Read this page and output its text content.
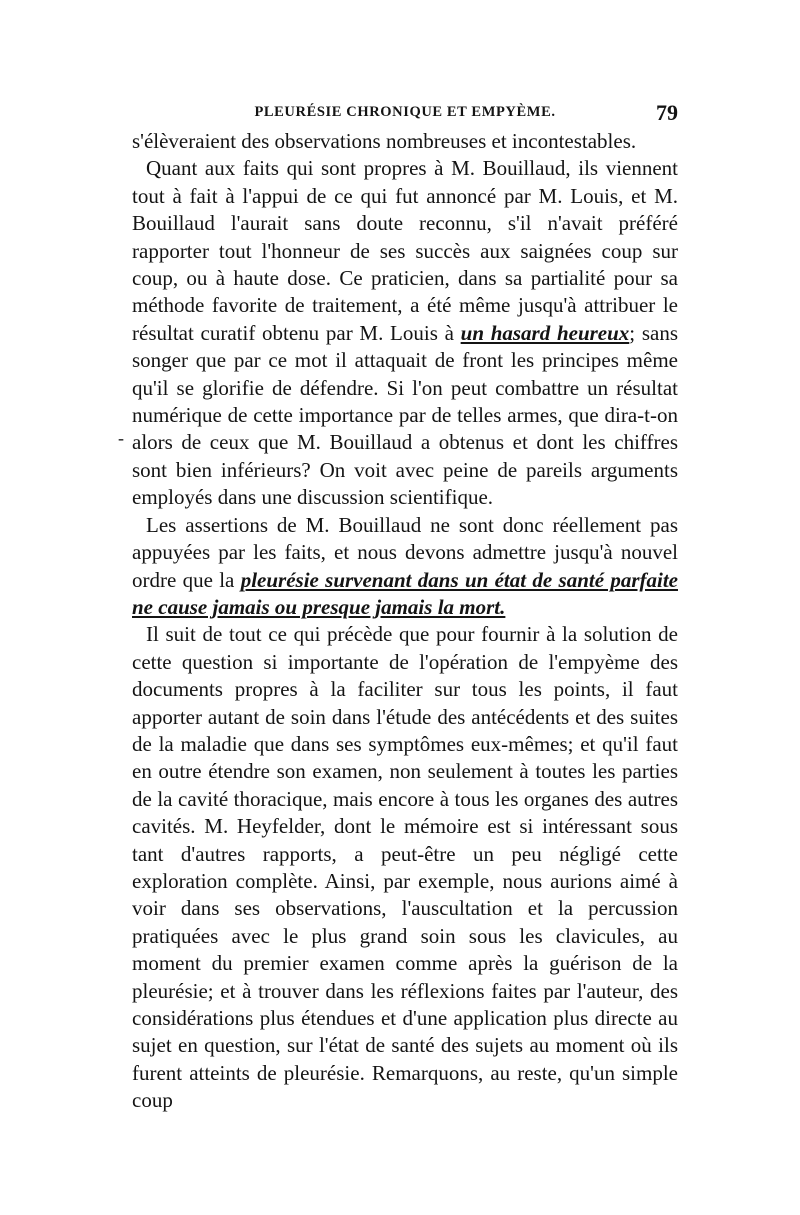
PLEURÉSIE CHRONIQUE ET EMPYÈME.	79
-

s'élèveraient des observations nombreuses et incontestables.

Quant aux faits qui sont propres à M. Bouillaud, ils viennent tout à fait à l'appui de ce qui fut annoncé par M. Louis, et M. Bouillaud l'aurait sans doute reconnu, s'il n'avait préféré rapporter tout l'honneur de ses succès aux saignées coup sur coup, ou à haute dose. Ce praticien, dans sa partialité pour sa méthode favorite de traitement, a été même jusqu'à attribuer le résultat curatif obtenu par M. Louis à un hasard heureux; sans songer que par ce mot il attaquait de front les principes même qu'il se glorifie de défendre. Si l'on peut combattre un résultat numérique de cette importance par de telles armes, que dira-t-on alors de ceux que M. Bouillaud a obtenus et dont les chiffres sont bien inférieurs? On voit avec peine de pareils arguments employés dans une discussion scientifique.

Les assertions de M. Bouillaud ne sont donc réellement pas appuyées par les faits, et nous devons admettre jusqu'à nouvel ordre que la pleurésie survenant dans un état de santé parfaite ne cause jamais ou presque jamais la mort.

Il suit de tout ce qui précède que pour fournir à la solution de cette question si importante de l'opération de l'empyème des documents propres à la faciliter sur tous les points, il faut apporter autant de soin dans l'étude des antécédents et des suites de la maladie que dans ses symptômes eux-mêmes; et qu'il faut en outre étendre son examen, non seulement à toutes les parties de la cavité thoracique, mais encore à tous les organes des autres cavités. M. Heyfelder, dont le mémoire est si intéressant sous tant d'autres rapports, a peut-être un peu négligé cette exploration complète. Ainsi, par exemple, nous aurions aimé à voir dans ses observations, l'auscultation et la percussion pratiquées avec le plus grand soin sous les clavicules, au moment du premier examen comme après la guérison de la pleurésie; et à trouver dans les réflexions faites par l'auteur, des considérations plus étendues et d'une application plus directe au sujet en question, sur l'état de santé des sujets au moment où ils furent atteints de pleurésie. Remarquons, au reste, qu'un simple coup
